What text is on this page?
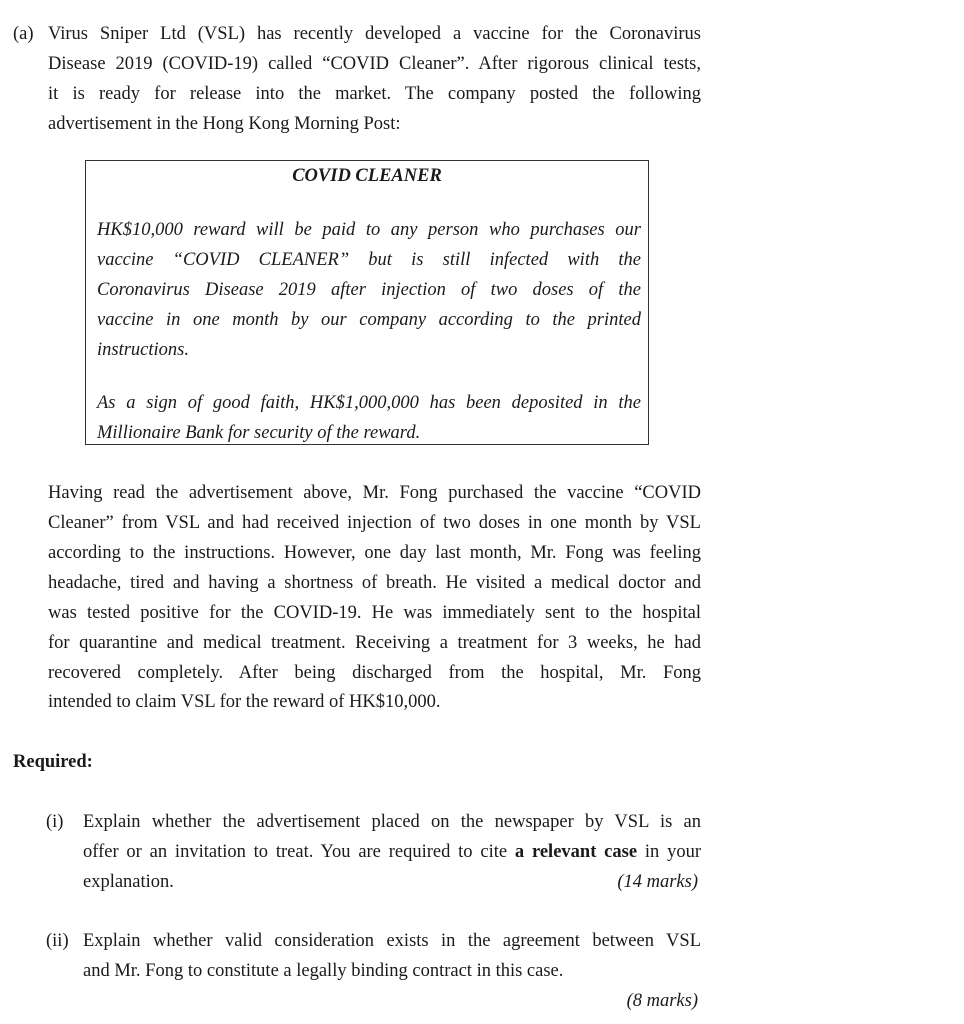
(a) Virus Sniper Ltd (VSL) has recently developed a vaccine for the Coronavirus
Disease 2019 (COVID-19) called “COVID Cleaner”. After rigorous clinical tests,
it is ready for release into the market. The company posted the following
advertisement in the Hong Kong Morning Post:
COVID CLEANER
HK$10,000 reward will be paid to any person who purchases our
vaccine “COVID CLEANER” but is still infected with the
Coronavirus Disease 2019 after injection of two doses of the
vaccine in one month by our company according to the printed
instructions.
As a sign of good faith, HK$1,000,000 has been deposited in the
Millionaire Bank for security of the reward.
Having read the advertisement above, Mr. Fong purchased the vaccine “COVID
Cleaner” from VSL and had received injection of two doses in one month by VSL
according to the instructions. However, one day last month, Mr. Fong was feeling
headache, tired and having a shortness of breath. He visited a medical doctor and
was tested positive for the COVID-19. He was immediately sent to the hospital
for quarantine and medical treatment. Receiving a treatment for 3 weeks, he had
recovered completely. After being discharged from the hospital, Mr. Fong
intended to claim VSL for the reward of HK$10,000.
Required:
(i) Explain whether the advertisement placed on the newspaper by VSL is an
offer or an invitation to treat. You are required to cite a relevant case in your
explanation.	(14 marks)
(ii) Explain whether valid consideration exists in the agreement between VSL
and Mr. Fong to constitute a legally binding contract in this case.
(8 marks)
